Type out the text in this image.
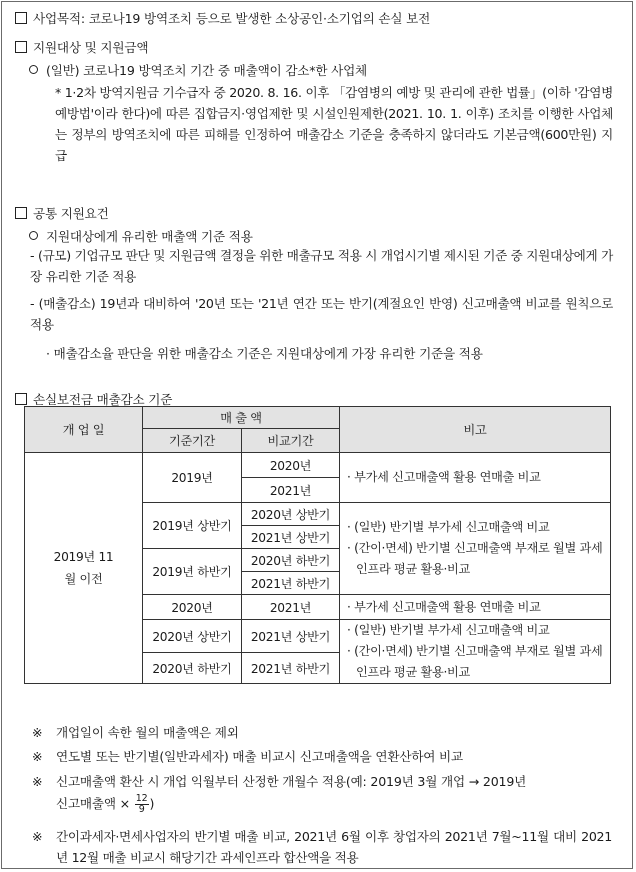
사업목적: 코로나19 방역조치 등으로 발생한 소상공인·소기업의 손실 보전
지원대상 및 지원금액
(일반) 코로나19 방역조치 기간 중 매출액이 감소*한 사업체
* 1·2차 방역지원금 기수급자 중 2020. 8. 16. 이후 「감염병의 예방 및 관리에 관한 법률」(이하 '감염병예방법'이라 한다)에 따른 집합금지·영업제한 및 시설인원제한(2021. 10. 1. 이후) 조치를 이행한 사업체는 정부의 방역조치에 따른 피해를 인정하여 매출감소 기준을 충족하지 않더라도 기본금액(600만원) 지급
공통 지원요건
지원대상에게 유리한 매출액 기준 적용
- (규모) 기업규모 판단 및 지원금액 결정을 위한 매출규모 적용 시 개업시기별 제시된 기준 중 지원대상에게 가장 유리한 기준 적용
- (매출감소) 19년과 대비하여 '20년 또는 '21년 연간 또는 반기(계절요인 반영) 신고매출액 비교를 원칙으로 적용
· 매출감소율 판단을 위한 매출감소 기준은 지원대상에게 가장 유리한 기준을 적용
손실보전금 매출감소 기준
개 업 일	매 출 액		비고
	기준기간	비교기간	
2019년 11월 이전	2019년	2020년	· 부가세 신고매출액 활용 연매출 비교
		2021년	
	2019년 상반기	2020년 상반기	· (일반) 반기별 부가세 신고매출액 비교
· (간이·면세) 반기별 신고매출액 부재로 월별 과세인프라 평균 활용·비교

		2021년 상반기	
	2019년 하반기	2020년 하반기	
		2021년 하반기	
	2020년	2021년	· 부가세 신고매출액 활용 연매출 비교
	2020년 상반기	2021년 상반기	· (일반) 반기별 부가세 신고매출액 비교
· (간이·면세) 반기별 신고매출액 부재로 월별 과세인프라 평균 활용·비교

	2020년 하반기	2021년 하반기	

※ 개업일이 속한 월의 매출액은 제외
※ 연도별 또는 반기별(일반과세자) 매출 비교시 신고매출액을 연환산하여 비교
※ 신고매출액 환산 시 개업 익월부터 산정한 개월수 적용(예: 2019년 3월 개업 → 2019년
신고매출액 × $\frac{12}{9}$ )
※	간이과세자·면세사업자의 반기별 매출 비교, 2021년 6월 이후 창업자의 2021년 7월~11월 대비 2021년 12월 매출 비교시 해당기간 과세인프라 합산액을 적용
